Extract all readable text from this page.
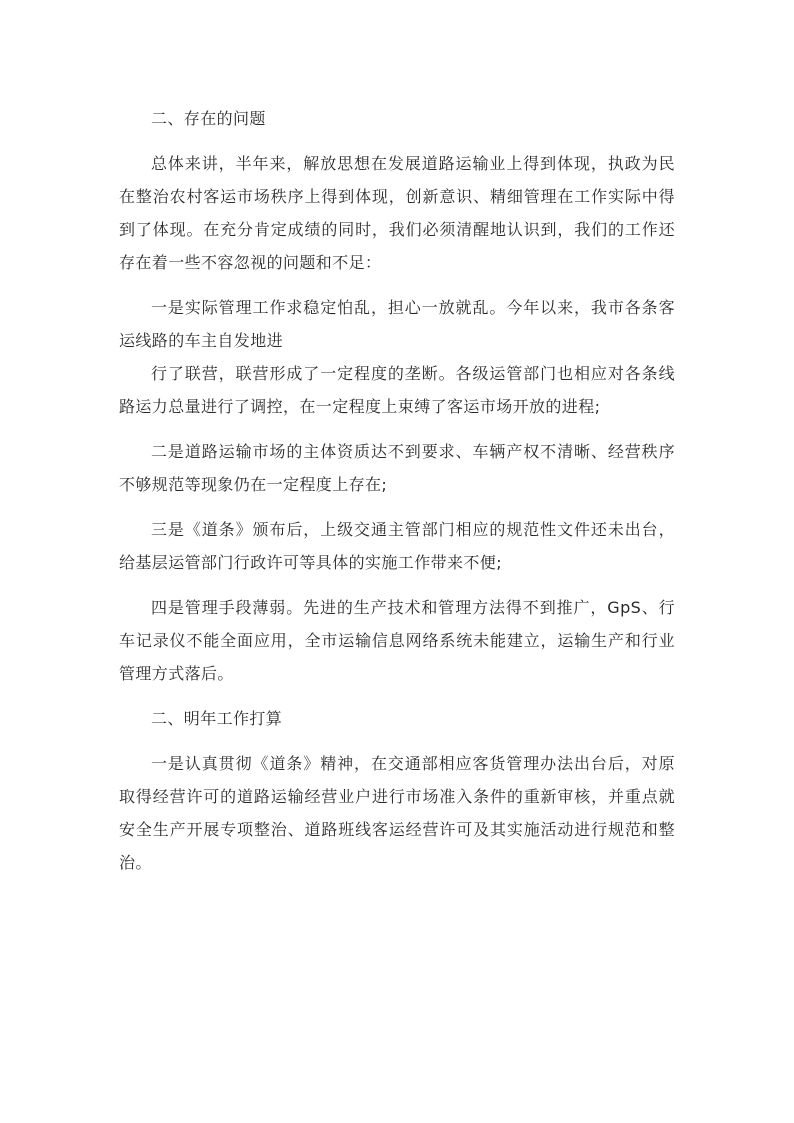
二、存在的问题

总体来讲，半年来，解放思想在发展道路运输业上得到体现，执政为民在整治农村客运市场秩序上得到体现，创新意识、精细管理在工作实际中得到了体现。在充分肯定成绩的同时，我们必须清醒地认识到，我们的工作还存在着一些不容忽视的问题和不足：

一是实际管理工作求稳定怕乱，担心一放就乱。今年以来，我市各条客运线路的车主自发地进

行了联营，联营形成了一定程度的垄断。各级运管部门也相应对各条线路运力总量进行了调控，在一定程度上束缚了客运市场开放的进程;

二是道路运输市场的主体资质达不到要求、车辆产权不清晰、经营秩序不够规范等现象仍在一定程度上存在;

三是《道条》颁布后，上级交通主管部门相应的规范性文件还未出台，给基层运管部门行政许可等具体的实施工作带来不便;

四是管理手段薄弱。先进的生产技术和管理方法得不到推广，GpS、行车记录仪不能全面应用，全市运输信息网络系统未能建立，运输生产和行业管理方式落后。

二、明年工作打算

一是认真贯彻《道条》精神，在交通部相应客货管理办法出台后，对原取得经营许可的道路运输经营业户进行市场准入条件的重新审核，并重点就安全生产开展专项整治、道路班线客运经营许可及其实施活动进行规范和整治。
